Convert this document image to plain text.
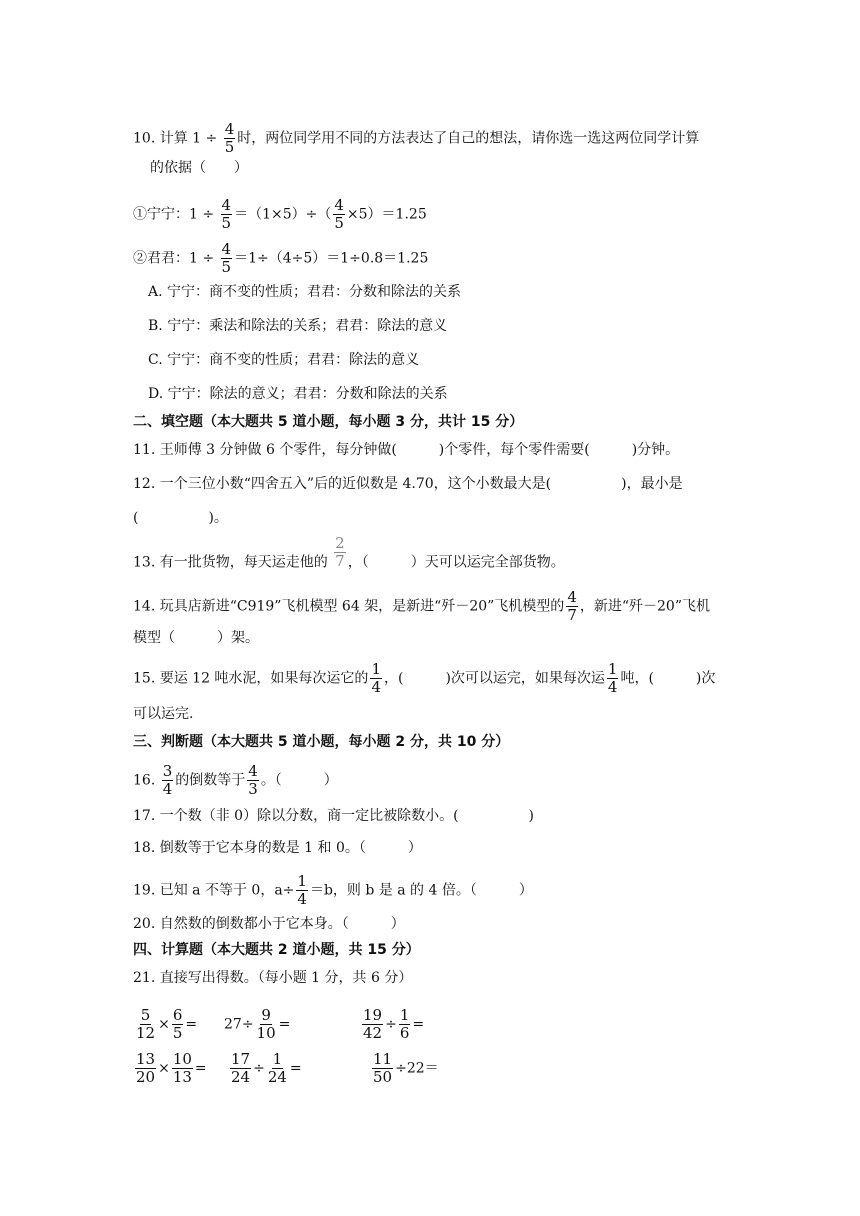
10. 计算 $1 \div \frac{4}{5}$ 时，两位同学用不同的方法表达了自己的想法，请你选一选这两位同学计算
的依据（　　）
①宁宁：$1 \div \frac{4}{5} =(1\times 5)\div( \frac{4}{5} \times 5)=1.25$
②君君：$1 \div \frac{4}{5} =1\div(4\div 5)=1\div 0.8=1.25$
A. 宁宁：商不变的性质；君君：分数和除法的关系
B. 宁宁：乘法和除法的关系；君君：除法的意义
C. 宁宁：商不变的性质；君君：除法的意义
D. 宁宁：除法的意义；君君：分数和除法的关系
二、填空题（本大题共 5 道小题，每小题 3 分，共计 15 分）
11. 王师傅 3 分钟做 6 个零件，每分钟做(　　　)个零件，每个零件需要(　　　)分钟。
12. 一个三位小数“四舍五入”后的近似数是 4.70，这个小数最大是(　　　　　)，最小是
(　　　　　)。
13. 有一批货物，每天运走他的 $\frac{2}{7}$ ，（　　　）天可以运完全部货物。
14. 玩具店新进“C919”飞机模型 64 架，是新进“歼－20”飞机模型的 $\frac{4}{7}$ ，新进“歼－20”飞机
模型（　　　）架。
15. 要运 12 吨水泥，如果每次运它的 $\frac{1}{4}$ ，(　　　)次可以运完，如果每次运 $\frac{1}{4}$ 吨，(　　　)次
可以运完.
三、判断题（本大题共 5 道小题，每小题 2 分，共 10 分）
16. $\frac{3}{4}$ 的倒数等于 $\frac{4}{3}$ 。（　　　）
17. 一个数（非 0）除以分数，商一定比被除数小。(　　　　　)
18. 倒数等于它本身的数是 1 和 0。（　　　）
19. 已知 a 不等于 0，$a\div \frac{1}{4} =b$，则 b 是 a 的 4 倍。（　　　）
20. 自然数的倒数都小于它本身。（　　　）
四、计算题（本大题共 2 道小题，共 15 分）
21. 直接写出得数。（每小题 1 分，共 6 分）
$\frac{5}{12} \times \frac{6}{5} = 27\div \frac{9}{10}$ =	$\frac{19}{42} \div \frac{1}{6}$ =
$\frac{13}{20} \times \frac{10}{13} = \frac{17}{24} \div \frac{1}{24}$ =	$\frac{11}{50} \div 22=$
